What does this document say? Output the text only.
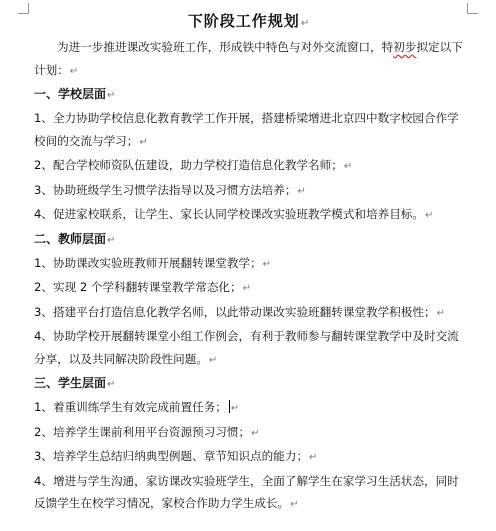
下阶段工作规划↵

为进一步推进课改实验班工作，形成铁中特色与对外交流窗口，特初步拟定以下计划：↵

一、学校层面↵

1、全力协助学校信息化教育教学工作开展，搭建桥梁增进北京四中数字校园合作学校间的交流与学习；↵

2、配合学校师资队伍建设，助力学校打造信息化教学名师；↵

3、协助班级学生习惯学法指导以及习惯方法培养；↵

4、促进家校联系，让学生、家长认同学校课改实验班教学模式和培养目标。↵

二、教师层面↵

1、协助课改实验班教师开展翻转课堂教学；↵

2、实现 2 个学科翻转课堂教学常态化；↵

3、搭建平台打造信息化教学名师，以此带动课改实验班翻转课堂教学积极性；↵

4、协助学校开展翻转课堂小组工作例会，有利于教师参与翻转课堂教学中及时交流分享，以及共同解决阶段性问题。↵

三、学生层面↵

1、着重训练学生有效完成前置任务； ↵

2、培养学生课前利用平台资源预习习惯；↵

3、培养学生总结归纳典型例题、章节知识点的能力；↵

4、增进与学生沟通，家访课改实验班学生，全面了解学生在家学习生活状态，同时反馈学生在校学习情况，家校合作助力学生成长。↵
